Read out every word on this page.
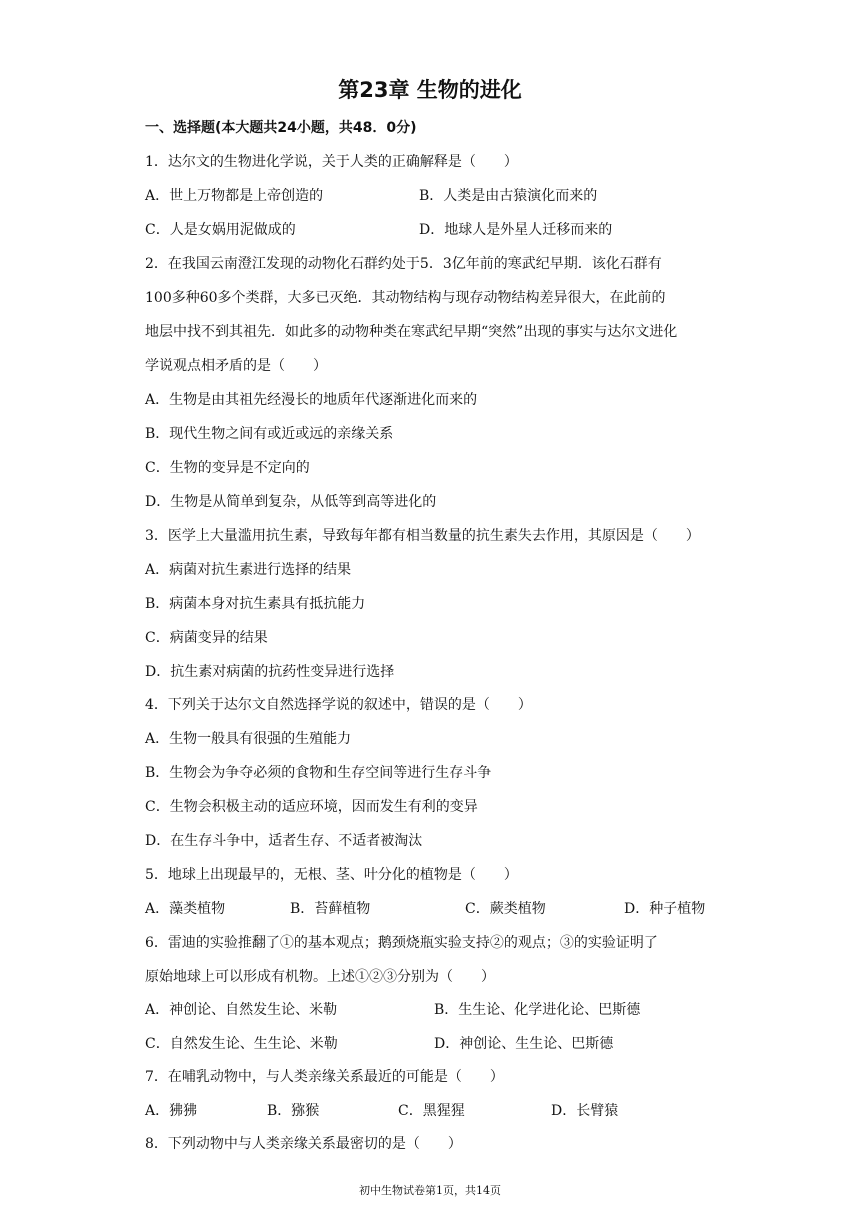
第23章 生物的进化
一、选择题(本大题共24小题，共48．0分)
1．达尔文的生物进化学说，关于人类的正确解释是（　　）
A．世上万物都是上帝创造的	B．人类是由古猿演化而来的
C．人是女娲用泥做成的	D．地球人是外星人迁移而来的
2．在我国云南澄江发现的动物化石群约处于5．3亿年前的寒武纪早期．该化石群有
100多种60多个类群，大多已灭绝．其动物结构与现存动物结构差异很大，在此前的
地层中找不到其祖先．如此多的动物种类在寒武纪早期“突然”出现的事实与达尔文进化
学说观点相矛盾的是（　　）
A．生物是由其祖先经漫长的地质年代逐渐进化而来的
B．现代生物之间有或近或远的亲缘关系
C．生物的变异是不定向的
D．生物是从简单到复杂，从低等到高等进化的
3．医学上大量滥用抗生素，导致每年都有相当数量的抗生素失去作用，其原因是（　　）
A．病菌对抗生素进行选择的结果
B．病菌本身对抗生素具有抵抗能力
C．病菌变异的结果
D．抗生素对病菌的抗药性变异进行选择
4．下列关于达尔文自然选择学说的叙述中，错误的是（　　）
A．生物一般具有很强的生殖能力
B．生物会为争夺必须的食物和生存空间等进行生存斗争
C．生物会积极主动的适应环境，因而发生有利的变异
D．在生存斗争中，适者生存、不适者被淘汰
5．地球上出现最早的，无根、茎、叶分化的植物是（　　）
A．藻类植物	B．苔藓植物	C．蕨类植物	D．种子植物
6．雷迪的实验推翻了①的基本观点；鹅颈烧瓶实验支持②的观点；③的实验证明了
原始地球上可以形成有机物。上述①②③分别为（　　）
A．神创论、自然发生论、米勒	B．生生论、化学进化论、巴斯德
C．自然发生论、生生论、米勒	D．神创论、生生论、巴斯德
7．在哺乳动物中，与人类亲缘关系最近的可能是（　　）
A．狒狒	B．猕猴	C．黑猩猩	D．长臂猿
8．下列动物中与人类亲缘关系最密切的是（　　）
初中生物试卷第1页，共14页
